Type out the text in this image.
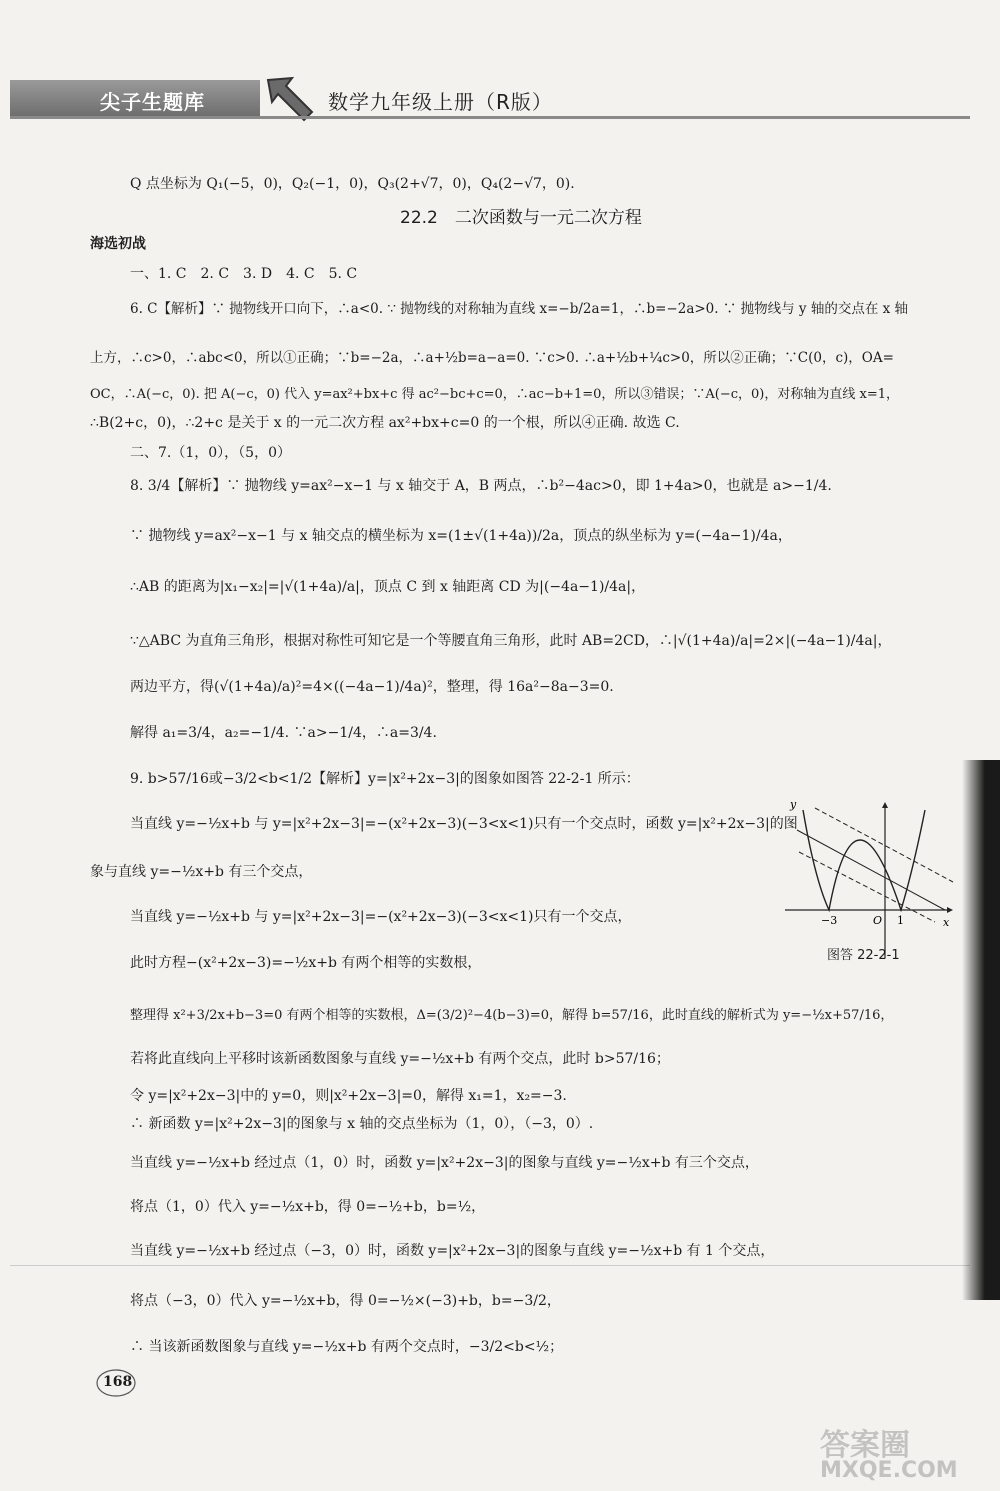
尖子生题库	数学九年级上册（R版）
Q 点坐标为 Q₁(−5，0)，Q₂(−1，0)，Q₃(2+√7，0)，Q₄(2−√7，0).
22.2　二次函数与一元二次方程
海选初战
一、1. C　2. C　3. D　4. C　5. C
6. C【解析】∵ 抛物线开口向下，∴a<0. ∵ 抛物线的对称轴为直线 x=−b/2a=1，∴b=−2a>0. ∵ 抛物线与 y 轴的交点在 x 轴
上方，∴c>0，∴abc<0，所以①正确；∵b=−2a，∴a+½b=a−a=0. ∵c>0. ∴a+½b+¼c>0，所以②正确；∵C(0，c)，OA=
OC，∴A(−c，0). 把 A(−c，0) 代入 y=ax²+bx+c 得 ac²−bc+c=0，∴ac−b+1=0，所以③错误；∵A(−c，0)，对称轴为直线 x=1，
∴B(2+c，0)，∴2+c 是关于 x 的一元二次方程 ax²+bx+c=0 的一个根，所以④正确. 故选 C.
二、7.（1，0），（5，0）
8. 3/4【解析】∵ 抛物线 y=ax²−x−1 与 x 轴交于 A，B 两点，∴b²−4ac>0，即 1+4a>0，也就是 a>−1/4.
∵ 抛物线 y=ax²−x−1 与 x 轴交点的横坐标为 x=(1±√(1+4a))/2a，顶点的纵坐标为 y=(−4a−1)/4a，
∴AB 的距离为|x₁−x₂|=|√(1+4a)/a|，顶点 C 到 x 轴距离 CD 为|(−4a−1)/4a|，
∵△ABC 为直角三角形，根据对称性可知它是一个等腰直角三角形，此时 AB=2CD，∴|√(1+4a)/a|=2×|(−4a−1)/4a|，
两边平方，得(√(1+4a)/a)²=4×((−4a−1)/4a)²，整理，得 16a²−8a−3=0.
解得 a₁=3/4，a₂=−1/4. ∵a>−1/4，∴a=3/4.
9. b>57/16或−3/2<b<1/2【解析】y=|x²+2x−3|的图象如图答 22-2-1 所示：
当直线 y=−½x+b 与 y=|x²+2x−3|=−(x²+2x−3)(−3<x<1)只有一个交点时，函数 y=|x²+2x−3|的图
象与直线 y=−½x+b 有三个交点，
当直线 y=−½x+b 与 y=|x²+2x−3|=−(x²+2x−3)(−3<x<1)只有一个交点，
此时方程−(x²+2x−3)=−½x+b 有两个相等的实数根，
整理得 x²+3/2x+b−3=0 有两个相等的实数根，Δ=(3/2)²−4(b−3)=0，解得 b=57/16，此时直线的解析式为 y=−½x+57/16，
若将此直线向上平移时该新函数图象与直线 y=−½x+b 有两个交点，此时 b>57/16；
令 y=|x²+2x−3|中的 y=0，则|x²+2x−3|=0，解得 x₁=1，x₂=−3.
∴ 新函数 y=|x²+2x−3|的图象与 x 轴的交点坐标为（1，0），（−3，0）.
当直线 y=−½x+b 经过点（1，0）时，函数 y=|x²+2x−3|的图象与直线 y=−½x+b 有三个交点，
将点（1，0）代入 y=−½x+b，得 0=−½+b，b=½，
当直线 y=−½x+b 经过点（−3，0）时，函数 y=|x²+2x−3|的图象与直线 y=−½x+b 有 1 个交点，
将点（−3，0）代入 y=−½x+b，得 0=−½×(−3)+b，b=−3/2，
∴ 当该新函数图象与直线 y=−½x+b 有两个交点时，−3/2<b<½；
y
x
−3	O 1
图答 22-2-1
168
答案圈
MXQE.COM
